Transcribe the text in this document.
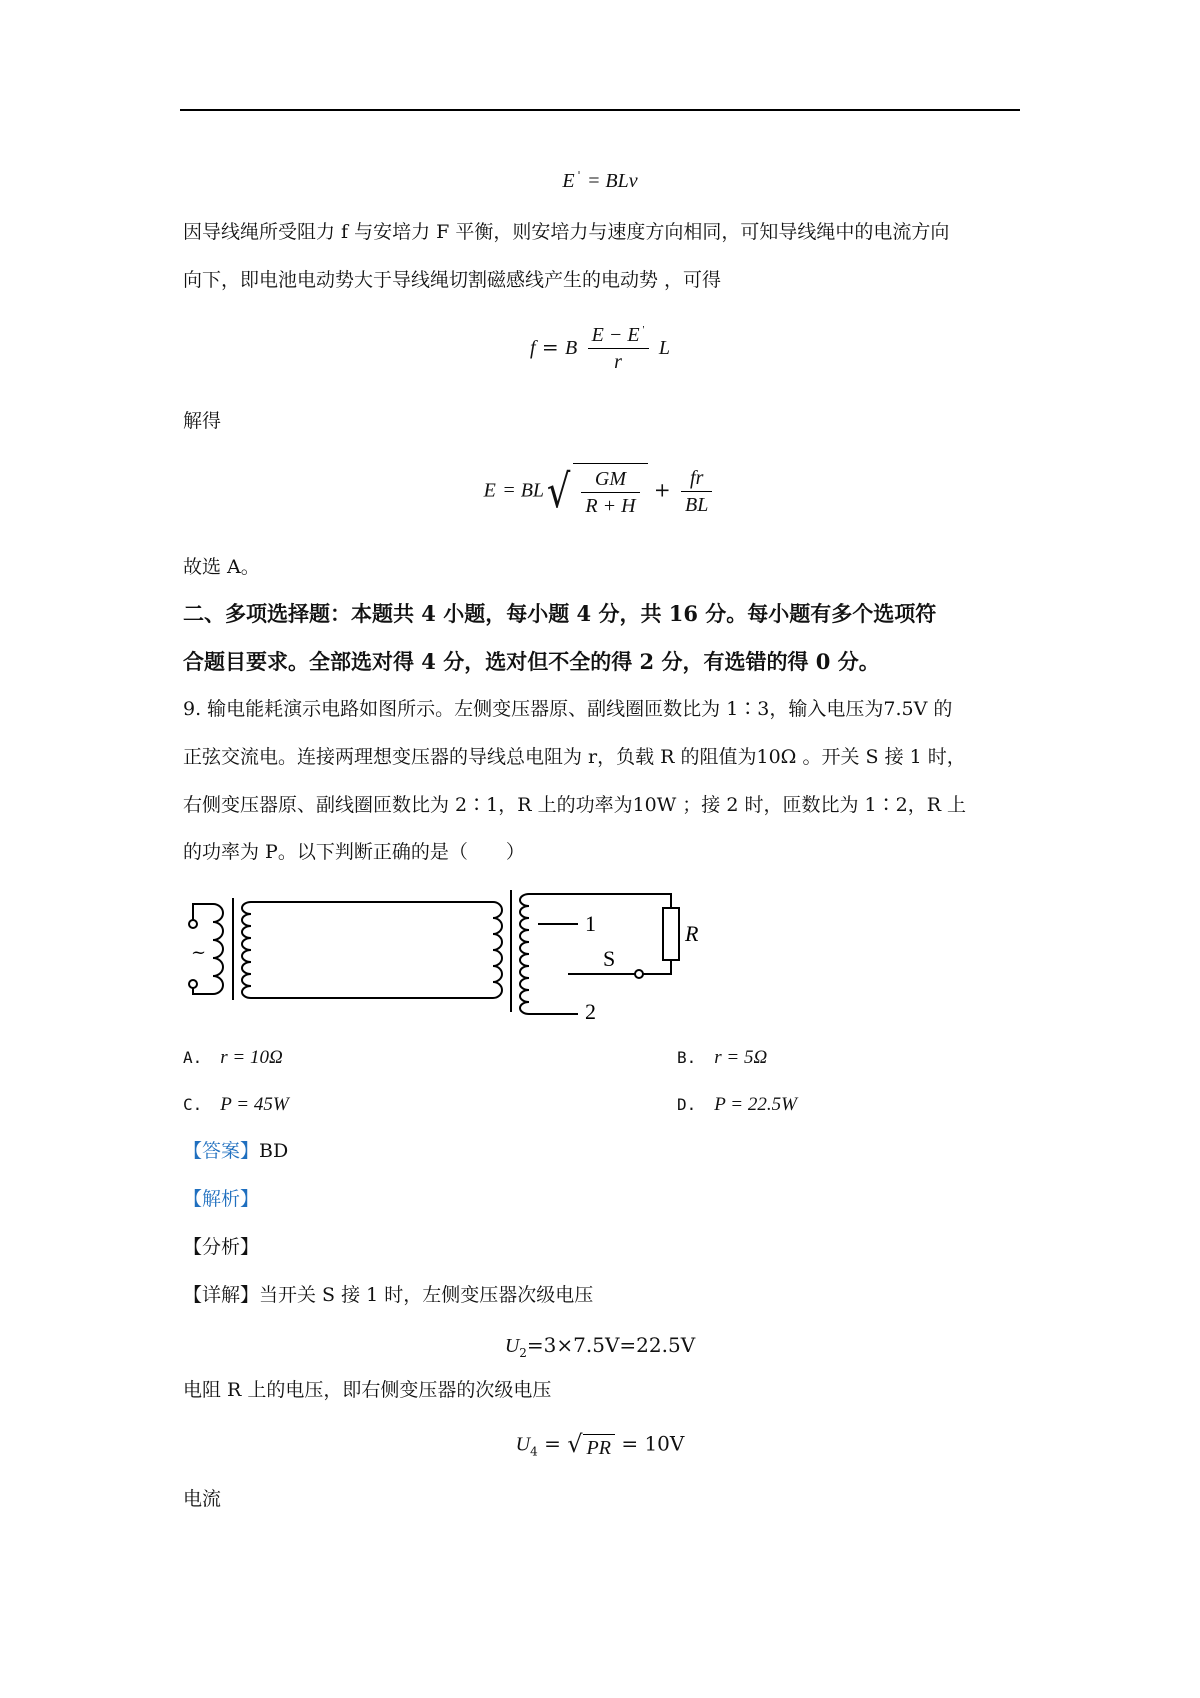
E ' = BLv
因导线绳所受阻力 f 与安培力 F 平衡，则安培力与速度方向相同，可知导线绳中的电流方向
向下，即电池电动势大于导线绳切割磁感线产生的电动势 ，可得
f = B $\frac{E - E '}{r}$ L
解得
$E = BL√ \frac{GM}{R + H} + \frac{fr}{BL}$
故选 A。
二、多项选择题：本题共 4 小题，每小题 4 分，共 16 分。每小题有多个选项符
合题目要求。全部选对得 4 分，选对但不全的得 2 分，有选错的得 0 分。
9. 输电能耗演示电路如图所示。左侧变压器原、副线圈匝数比为 1∶3，输入电压为7.5V 的
正弦交流电。连接两理想变压器的导线总电阻为 r，负载 R 的阻值为10Ω 。开关 S 接 1 时，
右侧变压器原、副线圈匝数比为 2∶1，R 上的功率为10W ；接 2 时，匝数比为 1∶2，R 上
的功率为 P。以下判断正确的是（　　）
~
1
2
S
R
A. r = 10Ω	B. r = 5Ω
C. P = 45W	D. P = 22.5W
【答案】BD
【解析】
【分析】
【详解】当开关 S 接 1 时，左侧变压器次级电压
$U_2=3\times 7.5V=22.5V$
电阻 R 上的电压，即右侧变压器的次级电压
$U_4$ = √ PR = 10V
电流
